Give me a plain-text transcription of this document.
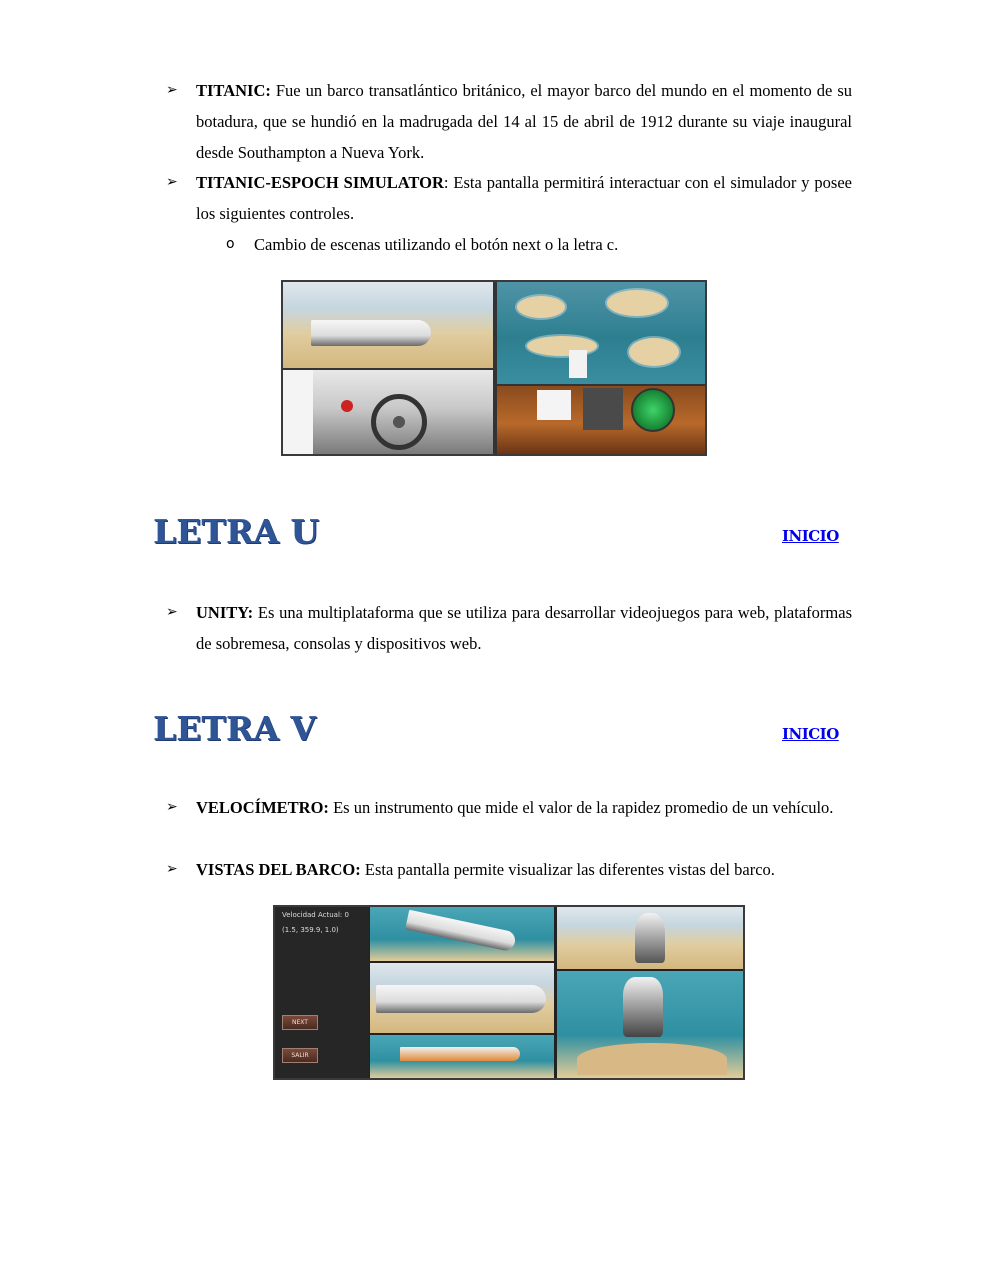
➢ TITANIC: Fue un barco transatlántico británico, el mayor barco del mundo en el momento de su botadura, que se hundió en la madrugada del 14 al 15 de abril de 1912 durante su viaje inaugural desde Southampton a Nueva York.

➢ TITANIC-ESPOCH SIMULATOR: Esta pantalla permitirá interactuar con el simulador y posee los siguientes controles.

o Cambio de escenas utilizando el botón next o la letra c.

LETRA U	INICIO
➢ UNITY: Es una multiplataforma que se utiliza para desarrollar videojuegos para web, plataformas de sobremesa, consolas y dispositivos web.

LETRA V	INICIO
➢ VELOCÍMETRO: Es un instrumento que mide el valor de la rapidez promedio de un vehículo.

➢ VISTAS DEL BARCO: Esta pantalla permite visualizar las diferentes vistas del barco.

Velocidad Actual: 0
(1.5, 359.9, 1.0)
NEXT
SALIR
